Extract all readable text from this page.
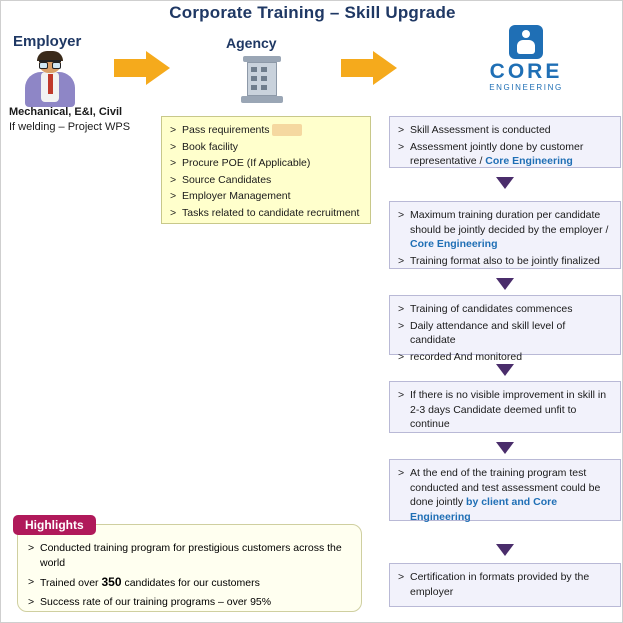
Corporate Training – Skill Upgrade
Employer	Agency
CORE
ENGINEERING
Mechanical, E&I, Civil
If welding – Project WPS	> Pass requirements
> Book facility
> Procure POE (If Applicable)
> Source Candidates
> Employer Management
> Tasks related to candidate recruitment
> Skill Assessment is conducted
> Assessment jointly done by customer representative / Core Engineering
> Maximum training duration per candidate should be jointly decided by the employer / Core Engineering
> Training format also to be jointly finalized
> Training of candidates commences
> Daily attendance and skill level of candidate
> recorded And monitored
> If there is no visible improvement in skill in 2-3 days Candidate deemed unfit to continue
> At the end of the training program test conducted and test assessment could be done jointly by client and Core Engineering
> Certification in formats provided by the employer
> Conducted training program for prestigious customers across the world
> Trained over 350 candidates for our customers
> Success rate of our training programs – over 95%
Highlights
